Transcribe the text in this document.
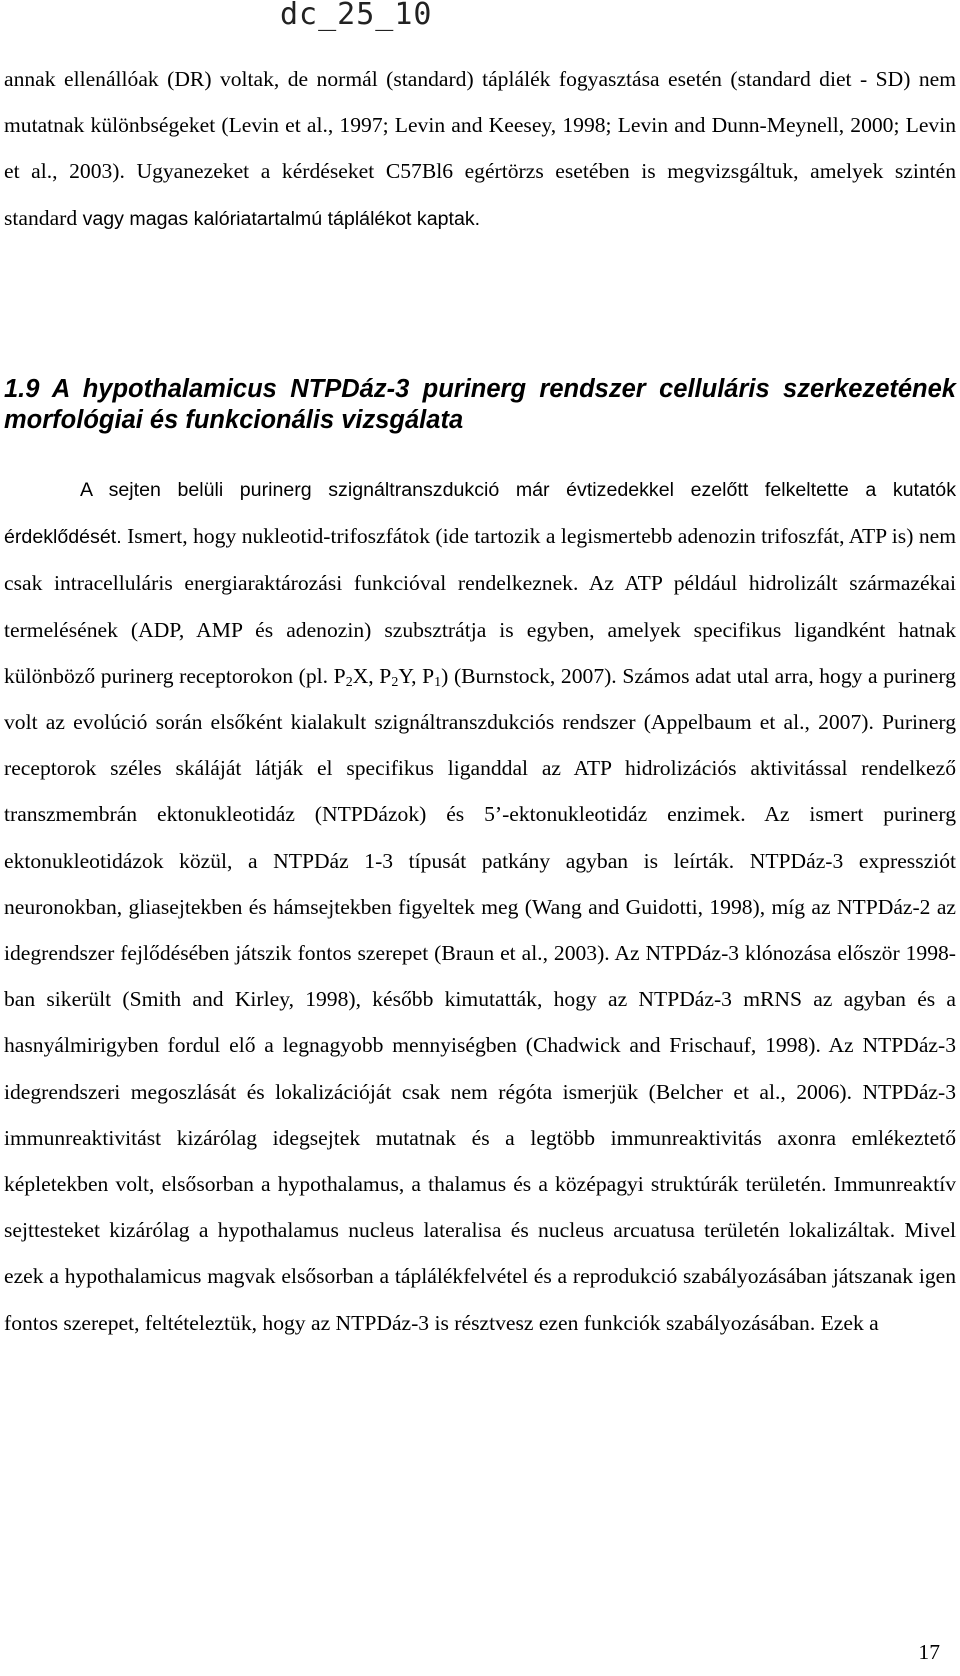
dc_25_10

annak ellenállóak (DR) voltak, de normál (standard) táplálék fogyasztása esetén (standard diet - SD) nem mutatnak különbségeket (Levin et al., 1997; Levin and Keesey, 1998; Levin and Dunn-Meynell, 2000; Levin et al., 2003). Ugyanezeket a kérdéseket C57Bl6 egértörzs esetében is megvizsgáltuk, amelyek szintén standard vagy magas kalóriatartalmú táplálékot kaptak.

1.9 A hypothalamicus NTPDáz-3 purinerg rendszer celluláris szerkezetének morfológiai és funkcionális vizsgálata

A sejten belüli purinerg szignáltranszdukció már évtizedekkel ezelőtt felkeltette a kutatók érdeklődését. Ismert, hogy nukleotid-trifoszfátok (ide tartozik a legismertebb adenozin trifoszfát, ATP is) nem csak intracelluláris energiaraktározási funkcióval rendelkeznek. Az ATP például hidrolizált származékai termelésének (ADP, AMP és adenozin) szubsztrátja is egyben, amelyek specifikus ligandként hatnak különböző purinerg receptorokon (pl. $P_2X$, $P_2Y$, $P_1$) (Burnstock, 2007). Számos adat utal arra, hogy a purinerg volt az evolúció során elsőként kialakult szignáltranszdukciós rendszer (Appelbaum et al., 2007). Purinerg receptorok széles skáláját látják el specifikus liganddal az ATP hidrolizációs aktivitással rendelkező transzmembrán ektonukleotidáz (NTPDázok) és 5’-ektonukleotidáz enzimek. Az ismert purinerg ektonukleotidázok közül, a NTPDáz 1-3 típusát patkány agyban is leírták. NTPDáz-3 expressziót neuronokban, gliasejtekben és hámsejtekben figyeltek meg (Wang and Guidotti, 1998), míg az NTPDáz-2 az idegrendszer fejlődésében játszik fontos szerepet (Braun et al., 2003). Az NTPDáz-3 klónozása először 1998-ban sikerült (Smith and Kirley, 1998), később kimutatták, hogy az NTPDáz-3 mRNS az agyban és a hasnyálmirigyben fordul elő a legnagyobb mennyiségben (Chadwick and Frischauf, 1998). Az NTPDáz-3 idegrendszeri megoszlását és lokalizációját csak nem régóta ismerjük (Belcher et al., 2006). NTPDáz-3 immunreaktivitást kizárólag idegsejtek mutatnak és a legtöbb immunreaktivitás axonra emlékeztető képletekben volt, elsősorban a hypothalamus, a thalamus és a középagyi struktúrák területén. Immunreaktív sejttesteket kizárólag a hypothalamus nucleus lateralisa és nucleus arcuatusa területén lokalizáltak. Mivel ezek a hypothalamicus magvak elsősorban a táplálékfelvétel és a reprodukció szabályozásában játszanak igen fontos szerepet, feltételeztük, hogy az NTPDáz-3 is résztvesz ezen funkciók szabályozásában. Ezek a

17
